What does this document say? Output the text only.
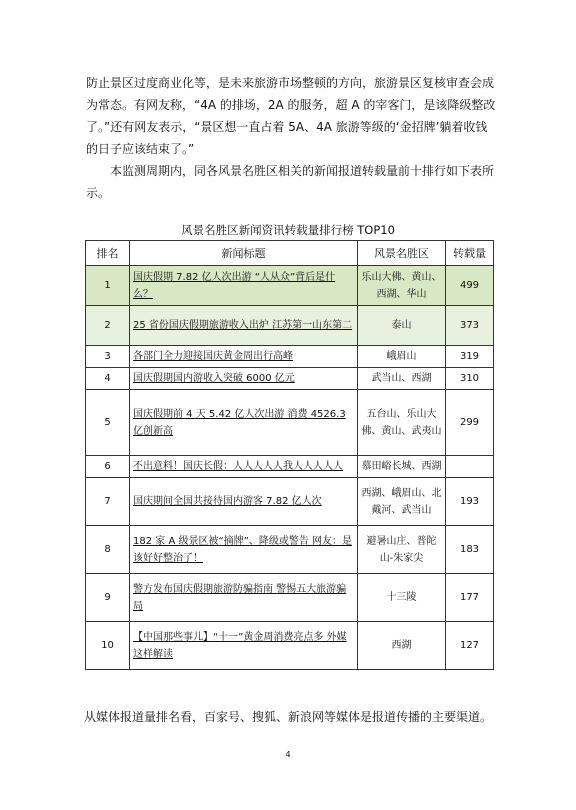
防止景区过度商业化等，是未来旅游市场整顿的方向，旅游景区复核审查会成为常态。有网友称，“4A 的排场，2A 的服务，超 A 的宰客门，是该降级整改了。”还有网友表示，“景区想一直占着 5A、4A 旅游等级的‘金招牌’躺着收钱的日子应该结束了。”

本监测周期内，同各风景名胜区相关的新闻报道转载量前十排行如下表所示。

风景名胜区新闻资讯转载量排行榜 TOP10
排名	新闻标题	风景名胜区	转载量
1	国庆假期 7.82 亿人次出游 “人从众”背后是什么？	乐山大佛、黄山、西湖、华山	499
2	25 省份国庆假期旅游收入出炉 江苏第一山东第二	泰山	373
3	各部门全力迎接国庆黄金周出行高峰	峨眉山	319
4	国庆假期国内游收入突破 6000 亿元	武当山、西湖	310
5	国庆假期前 4 天 5.42 亿人次出游 消费 4526.3 亿创新高	五台山、乐山大佛、黄山、武夷山	299
6	不出意料！国庆长假：人人人人人我人人人人人	慕田峪长城、西湖	
7	国庆期间全国共接待国内游客 7.82 亿人次	西湖、峨眉山、北戴河、武当山	193
8	182 家 A 级景区被“摘牌”、降级或警告 网友：是该好好整治了！	避暑山庄、普陀山-朱家尖	183
9	警方发布国庆假期旅游防骗指南 警惕五大旅游骗局	十三陵	177
10	【中国那些事儿】“十一”黄金周消费亮点多 外媒这样解读	西湖	127
从媒体报道量排名看，百家号、搜狐、新浪网等媒体是报道传播的主要渠道。
4
